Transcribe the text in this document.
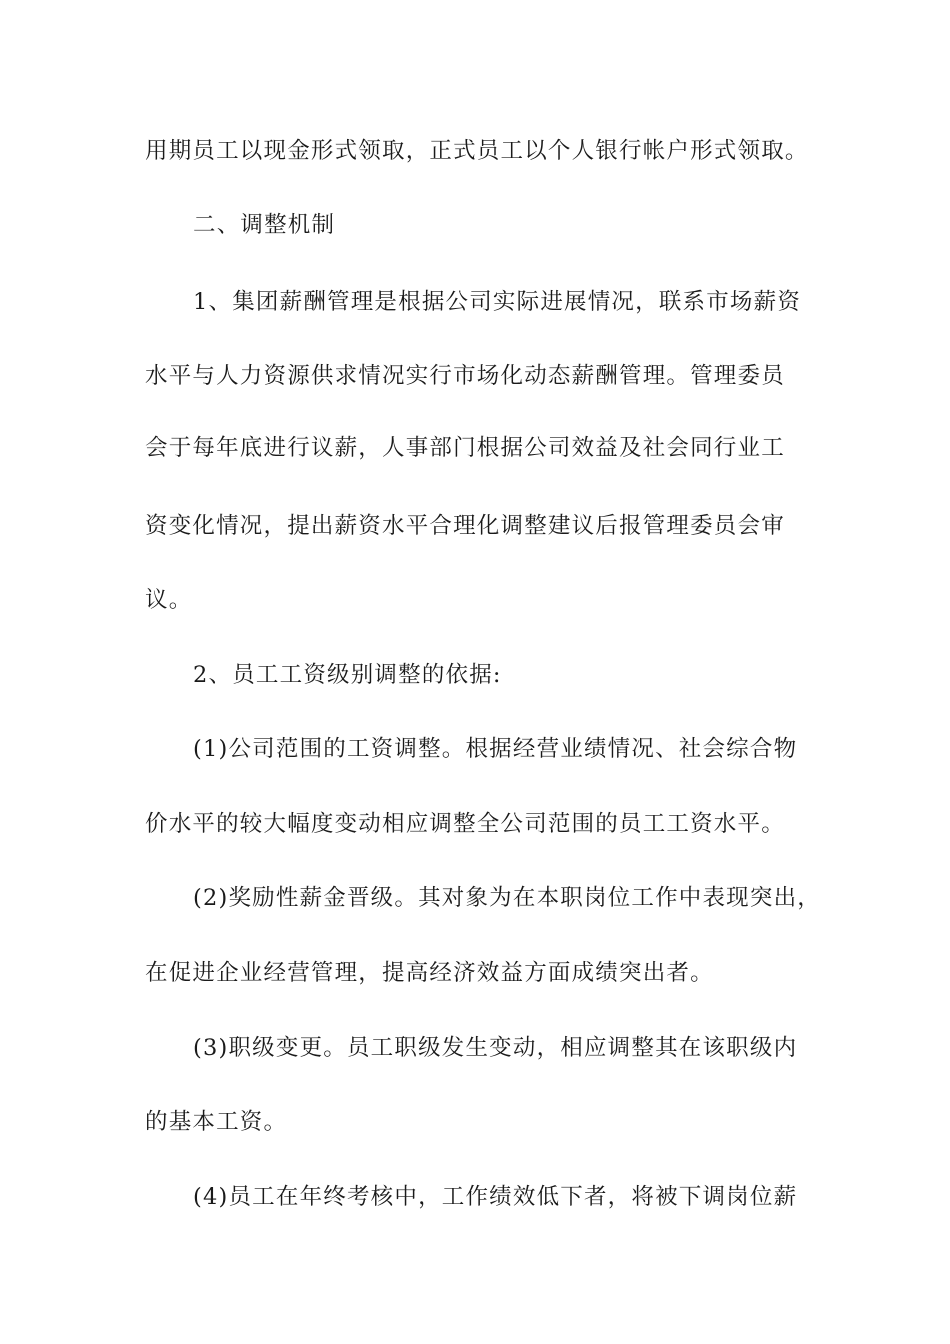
用期员工以现金形式领取，正式员工以个人银行帐户形式领取。
二、调整机制
1、集团薪酬管理是根据公司实际进展情况，联系市场薪资
水平与人力资源供求情况实行市场化动态薪酬管理。管理委员
会于每年底进行议薪，人事部门根据公司效益及社会同行业工
资变化情况，提出薪资水平合理化调整建议后报管理委员会审
议。
2、员工工资级别调整的依据:
(1)公司范围的工资调整。根据经营业绩情况、社会综合物
价水平的较大幅度变动相应调整全公司范围的员工工资水平。
(2)奖励性薪金晋级。其对象为在本职岗位工作中表现突出，
在促进企业经营管理，提高经济效益方面成绩突出者。
(3)职级变更。员工职级发生变动，相应调整其在该职级内
的基本工资。
(4)员工在年终考核中，工作绩效低下者，将被下调岗位薪
